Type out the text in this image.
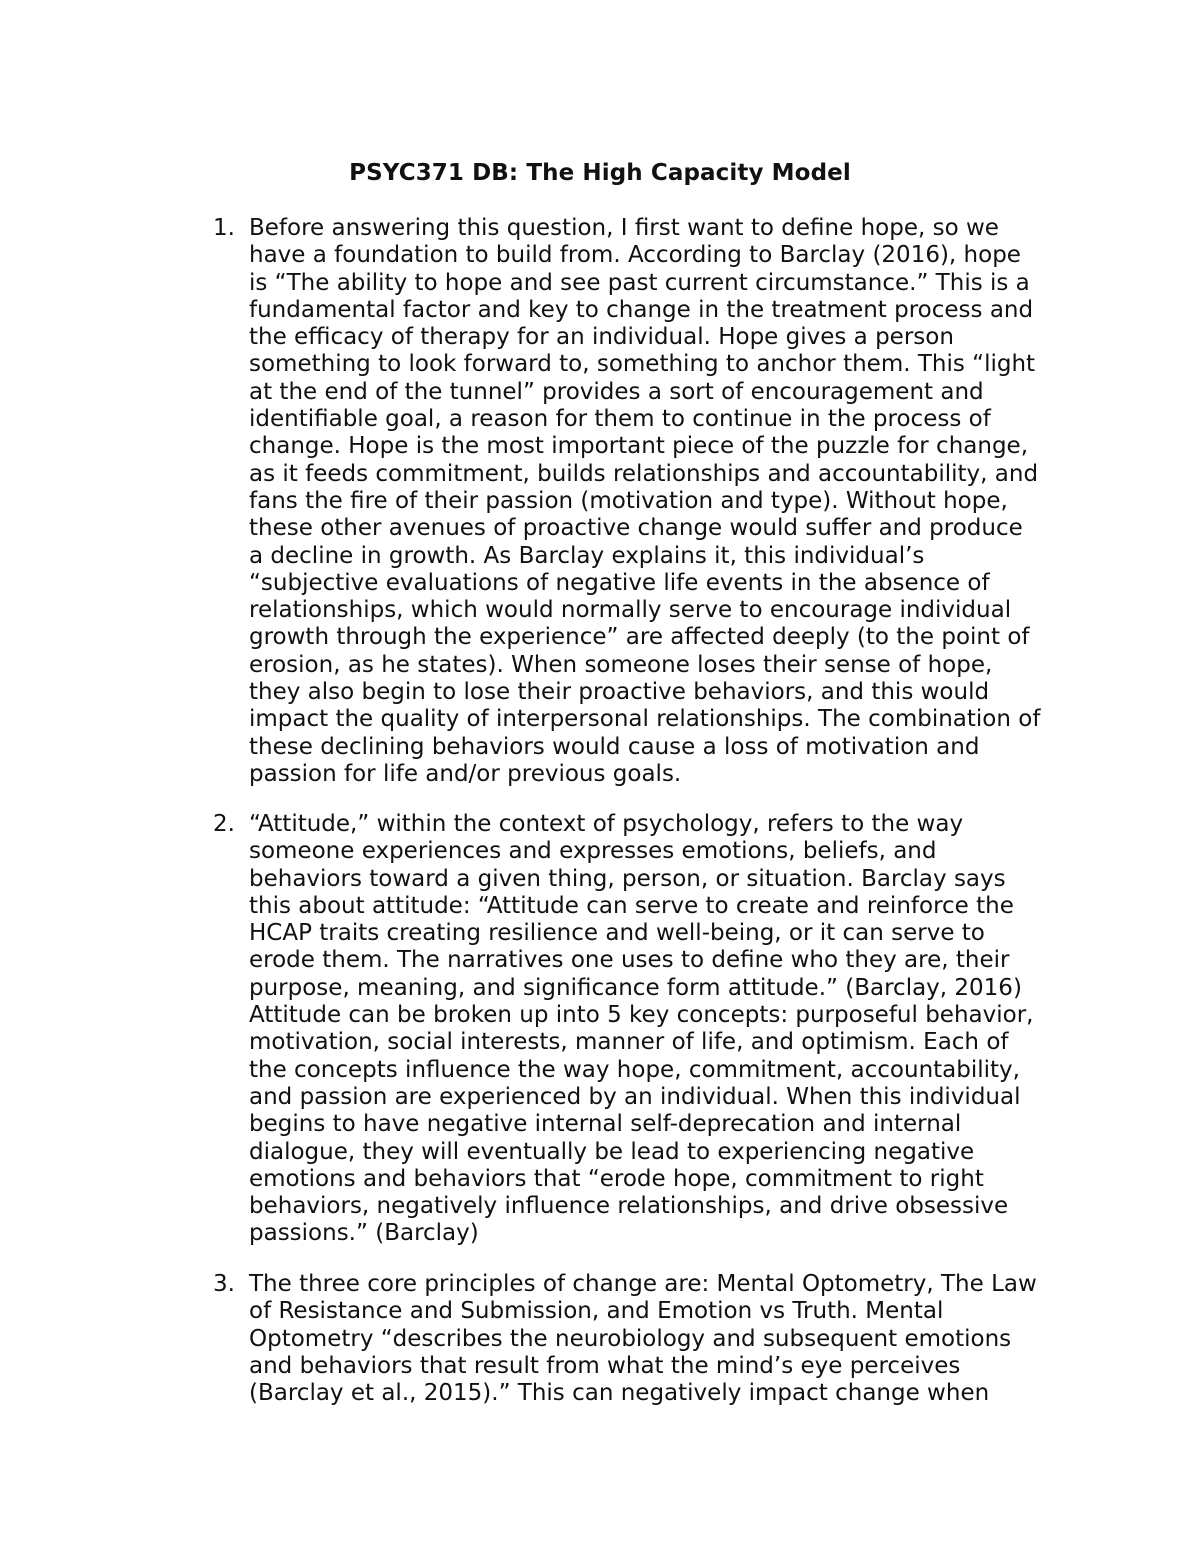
PSYC371 DB: The High Capacity Model
1. Before answering this question, I first want to define hope, so we
have a foundation to build from. According to Barclay (2016), hope
is “The ability to hope and see past current circumstance.” This is a
fundamental factor and key to change in the treatment process and
the efficacy of therapy for an individual. Hope gives a person
something to look forward to, something to anchor them. This “light
at the end of the tunnel” provides a sort of encouragement and
identifiable goal, a reason for them to continue in the process of
change. Hope is the most important piece of the puzzle for change,
as it feeds commitment, builds relationships and accountability, and
fans the fire of their passion (motivation and type). Without hope,
these other avenues of proactive change would suffer and produce
a decline in growth. As Barclay explains it, this individual’s
“subjective evaluations of negative life events in the absence of
relationships, which would normally serve to encourage individual
growth through the experience” are affected deeply (to the point of
erosion, as he states). When someone loses their sense of hope,
they also begin to lose their proactive behaviors, and this would
impact the quality of interpersonal relationships. The combination of
these declining behaviors would cause a loss of motivation and
passion for life and/or previous goals.

2. “Attitude,” within the context of psychology, refers to the way
someone experiences and expresses emotions, beliefs, and
behaviors toward a given thing, person, or situation. Barclay says
this about attitude: “Attitude can serve to create and reinforce the
HCAP traits creating resilience and well-being, or it can serve to
erode them. The narratives one uses to define who they are, their
purpose, meaning, and significance form attitude.” (Barclay, 2016)
Attitude can be broken up into 5 key concepts: purposeful behavior,
motivation, social interests, manner of life, and optimism. Each of
the concepts influence the way hope, commitment, accountability,
and passion are experienced by an individual. When this individual
begins to have negative internal self-deprecation and internal
dialogue, they will eventually be lead to experiencing negative
emotions and behaviors that “erode hope, commitment to right
behaviors, negatively influence relationships, and drive obsessive
passions.” (Barclay)

3. The three core principles of change are: Mental Optometry, The Law
of Resistance and Submission, and Emotion vs Truth. Mental
Optometry “describes the neurobiology and subsequent emotions
and behaviors that result from what the mind’s eye perceives
(Barclay et al., 2015).” This can negatively impact change when
